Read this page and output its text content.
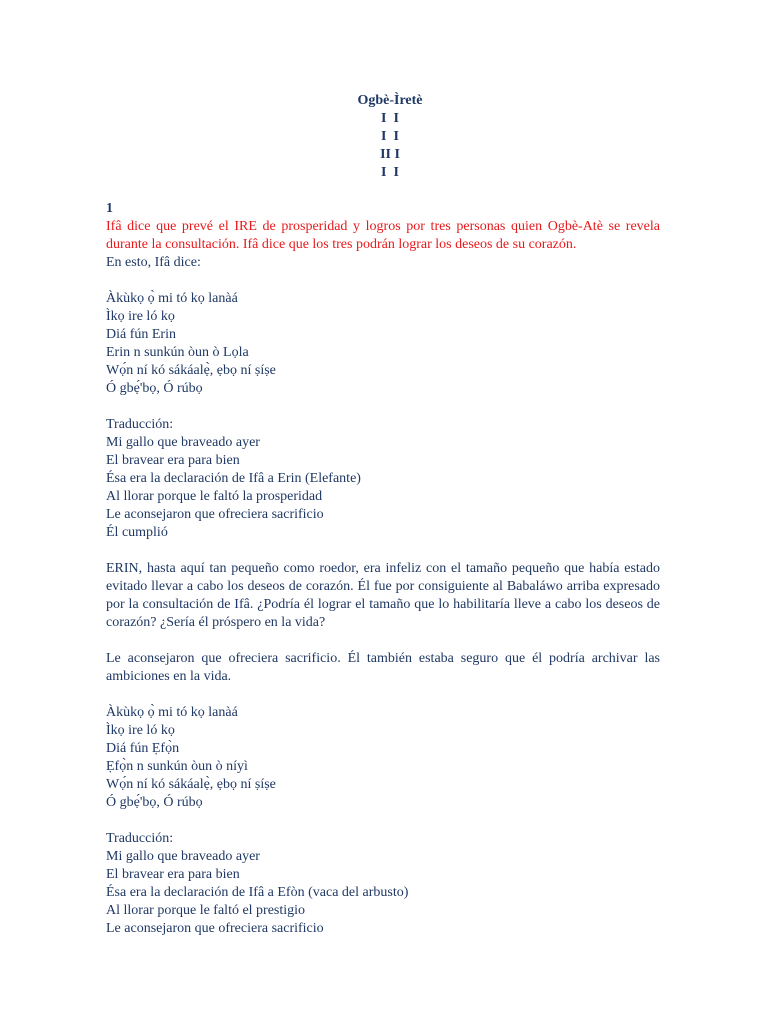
Ogbè-Ìretè
I  I
I  I
II I
I  I

1

Ifâ dice que prevé el IRE de prosperidad y logros por tres personas quien Ogbè-Atè se revela durante la consultación. Ifâ dice que los tres podrán lograr los deseos de su corazón.

En esto, Ifâ dice:

Àkùkọ ọ̀ mi tó kọ lanàá

Ìkọ ire ló kọ

Diá fún Erin

Erin n sunkún òun ò Lọla

Wọ́n ní kó sákáalẹ̀, ẹbọ ní ṣíṣe

Ó gbẹ́'bọ, Ó rúbọ

Traducción:

Mi gallo que braveado ayer

El bravear era para bien

Ésa era la declaración de Ifâ a Erin (Elefante)

Al llorar porque le faltó la prosperidad

Le aconsejaron que ofreciera sacrificio

Él cumplió

ERIN, hasta aquí tan pequeño como roedor, era infeliz con el tamaño pequeño que había estado evitado llevar a cabo los deseos de corazón. Él fue por consiguiente al Babaláwo arriba expresado por la consultación de Ifâ. ¿Podría él lograr el tamaño que lo habilitaría lleve a cabo los deseos de corazón? ¿Sería él próspero en la vida?

Le aconsejaron que ofreciera sacrificio. Él también estaba seguro que él podría archivar las ambiciones en la vida.

Àkùkọ ọ̀ mi tó kọ lanàá

Ìkọ ire ló kọ

Diá fún Ẹfọ̀n

Ẹfọ̀n n sunkún òun ò níyì

Wọ́n ní kó sákáalẹ̀, ẹbọ ní ṣíṣe

Ó gbẹ́'bọ, Ó rúbọ

Traducción:

Mi gallo que braveado ayer

El bravear era para bien

Ésa era la declaración de Ifâ a Efòn (vaca del arbusto)

Al llorar porque le faltó el prestigio

Le aconsejaron que ofreciera sacrificio
